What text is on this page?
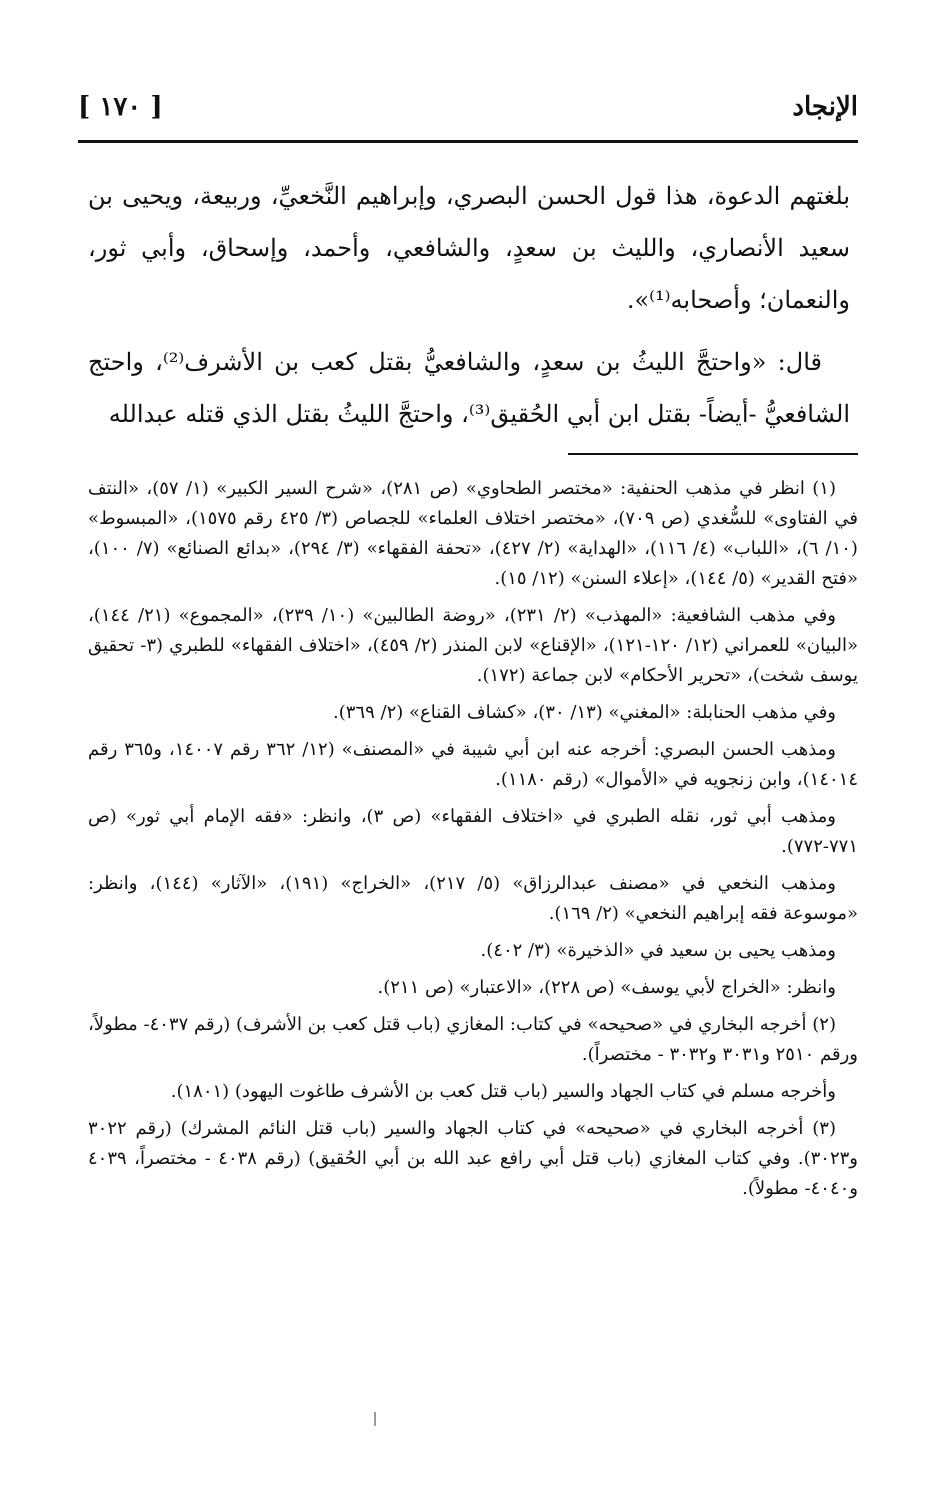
[ ١٧٠ ]	الإنجاد

بلغتهم الدعوة، هذا قول الحسن البصري، وإبراهيم النَّخعيِّ، وربيعة، ويحيى بن سعيد الأنصاري، والليث بن سعدٍ، والشافعي، وأحمد، وإسحاق، وأبي ثور، والنعمان؛ وأصحابه⁽¹⁾».

قال: «واحتجَّ الليثُ بن سعدٍ، والشافعيُّ بقتل كعب بن الأشرف⁽²⁾، واحتج الشافعيُّ -أيضاً- بقتل ابن أبي الحُقيق⁽³⁾، واحتجَّ الليثُ بقتل الذي قتله عبدالله

(١) انظر في مذهب الحنفية: «مختصر الطحاوي» (ص ٢٨١)، «شرح السير الكبير» (١/ ٥٧)، «النتف في الفتاوى» للسُّغدي (ص ٧٠٩)، «مختصر اختلاف العلماء» للجصاص (٣/ ٤٢٥ رقم ١٥٧٥)، «المبسوط» (١٠/ ٦)، «اللباب» (٤/ ١١٦)، «الهداية» (٢/ ٤٢٧)، «تحفة الفقهاء» (٣/ ٢٩٤)، «بدائع الصنائع» (٧/ ١٠٠)، «فتح القدير» (٥/ ١٤٤)، «إعلاء السنن» (١٢/ ١٥).

وفي مذهب الشافعية: «المهذب» (٢/ ٢٣١)، «روضة الطالبين» (١٠/ ٢٣٩)، «المجموع» (٢١/ ١٤٤)، «البيان» للعمراني (١٢/ ١٢٠-١٢١)، «الإقناع» لابن المنذر (٢/ ٤٥٩)، «اختلاف الفقهاء» للطبري (٣- تحقيق يوسف شخت)، «تحرير الأحكام» لابن جماعة (١٧٢).

وفي مذهب الحنابلة: «المغني» (١٣/ ٣٠)، «كشاف القناع» (٢/ ٣٦٩).

ومذهب الحسن البصري: أخرجه عنه ابن أبي شيبة في «المصنف» (١٢/ ٣٦٢ رقم ١٤٠٠٧، و٣٦٥ رقم ١٤٠١٤)، وابن زنجويه في «الأموال» (رقم ١١٨٠).

ومذهب أبي ثور، نقله الطبري في «اختلاف الفقهاء» (ص ٣)، وانظر: «فقه الإمام أبي ثور» (ص ٧٧١-٧٧٢).

ومذهب النخعي في «مصنف عبدالرزاق» (٥/ ٢١٧)، «الخراج» (١٩١)، «الآثار» (١٤٤)، وانظر: «موسوعة فقه إبراهيم النخعي» (٢/ ١٦٩).

ومذهب يحيى بن سعيد في «الذخيرة» (٣/ ٤٠٢).

وانظر: «الخراج لأبي يوسف» (ص ٢٢٨)، «الاعتبار» (ص ٢١١).

(٢) أخرجه البخاري في «صحيحه» في كتاب: المغازي (باب قتل كعب بن الأشرف) (رقم ٤٠٣٧- مطولاً، ورقم ٢٥١٠ و٣٠٣١ و٣٠٣٢ - مختصراً).

وأخرجه مسلم في كتاب الجهاد والسير (باب قتل كعب بن الأشرف طاغوت اليهود) (١٨٠١).

(٣) أخرجه البخاري في «صحيحه» في كتاب الجهاد والسير (باب قتل النائم المشرك) (رقم ٣٠٢٢ و٣٠٢٣). وفي كتاب المغازي (باب قتل أبي رافع عبد الله بن أبي الحُقيق) (رقم ٤٠٣٨ - مختصراً، ٤٠٣٩ و٤٠٤٠- مطولاً).
